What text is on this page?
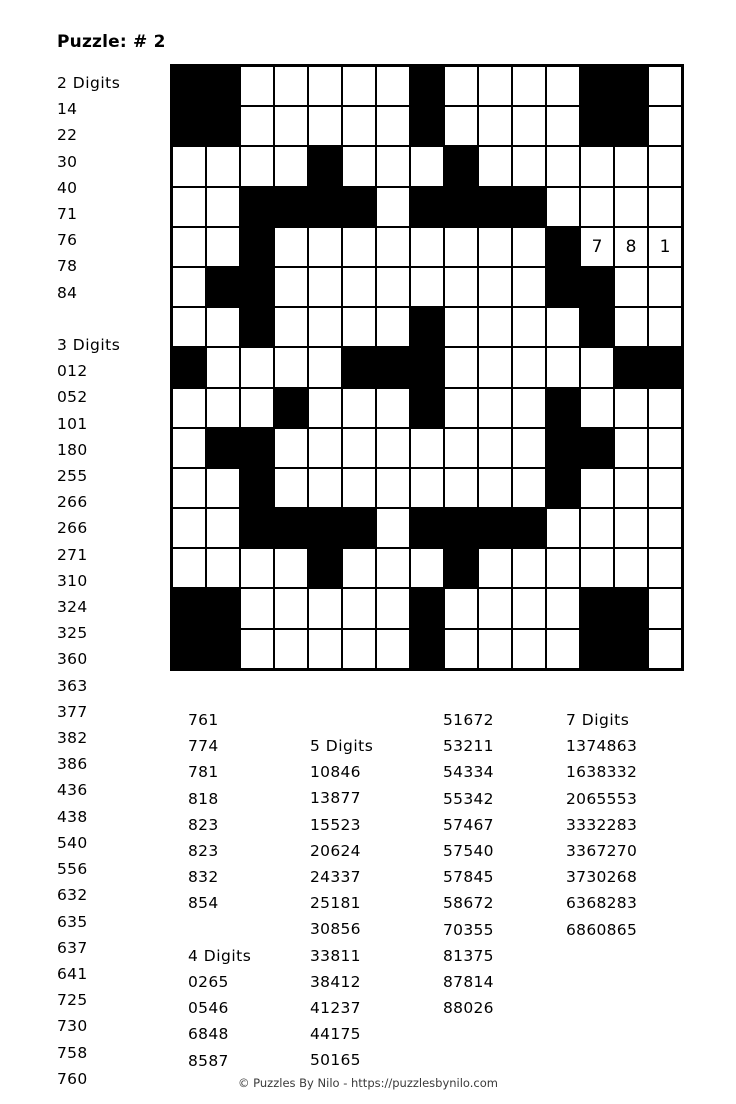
Puzzle: # 2
7	8	1
2 Digits
14
22
30
40
71
76
78
84
3 Digits
012
052
101
180
255
266
266
271
310
324
325
360
363
377
382
386
436
438
540
556
632
635
637
641
725
730
758
760
761
774
781
818
823
823
832
854
4 Digits
0265
0546
6848
8587
5 Digits
10846
13877
15523
20624
24337
25181
30856
33811
38412
41237
44175
50165
51672
53211
54334
55342
57467
57540
57845
58672
70355
81375
87814
88026
7 Digits
1374863
1638332
2065553
3332283
3367270
3730268
6368283
6860865
© Puzzles By Nilo - https://puzzlesbynilo.com
